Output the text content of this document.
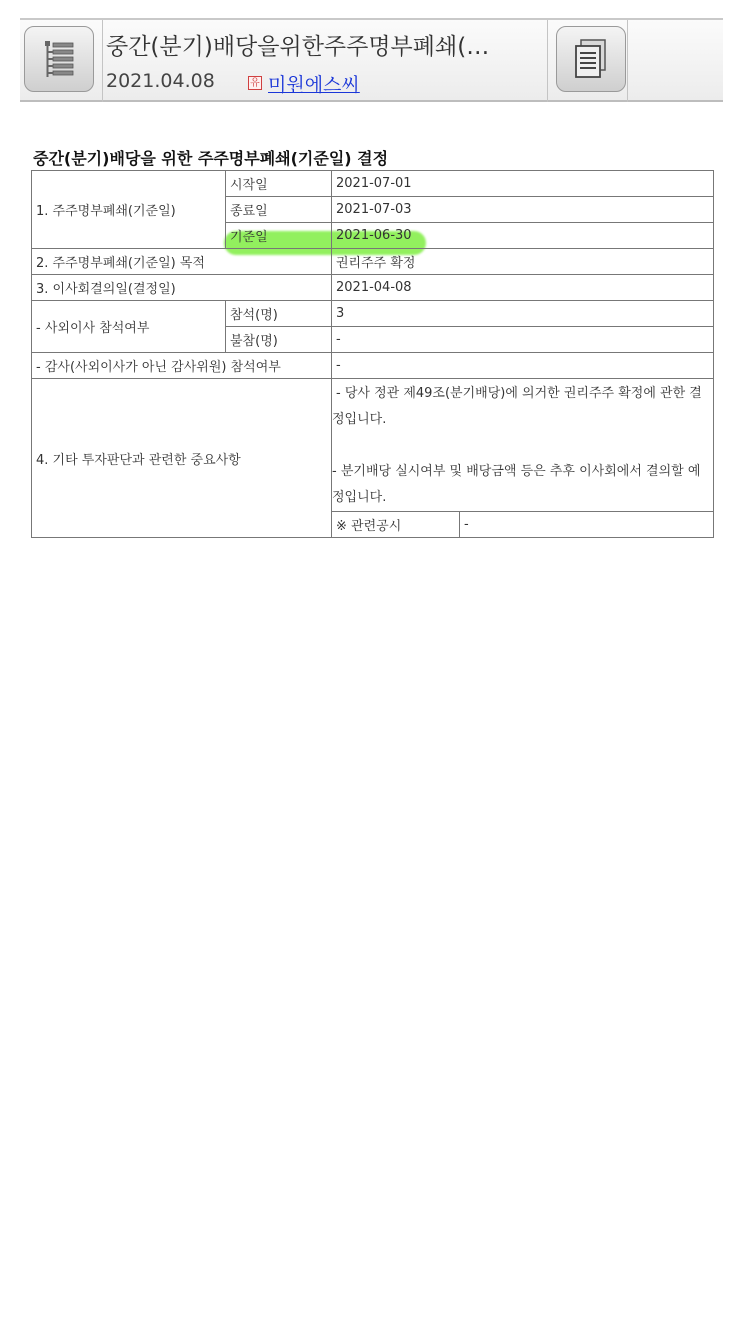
중간(분기)배당을위한주주명부폐쇄(…
2021.04.08	유 미원에스씨
중간(분기)배당을 위한 주주명부폐쇄(기준일) 결정
1. 주주명부폐쇄(기준일)	시작일	2021-07-01	
	종료일	2021-07-03	
	기준일	2021-06-30	
2. 주주명부폐쇄(기준일) 목적		권리주주 확정	
3. 이사회결의일(결정일)		2021-04-08	
- 사외이사 참석여부	참석(명)	3	
	불참(명)	-	
- 감사(사외이사가 아닌 감사위원) 참석여부		-	
4. 기타 투자판단과 관련한 중요사항		- 당사 정관 제49조(분기배당)에 의거한 권리주주 확정에 관한 결
정입니다.
- 분기배당 실시여부 및 배당금액 등은 추후 이사회에서 결의할 예
정입니다.	

		※ 관련공시	-
